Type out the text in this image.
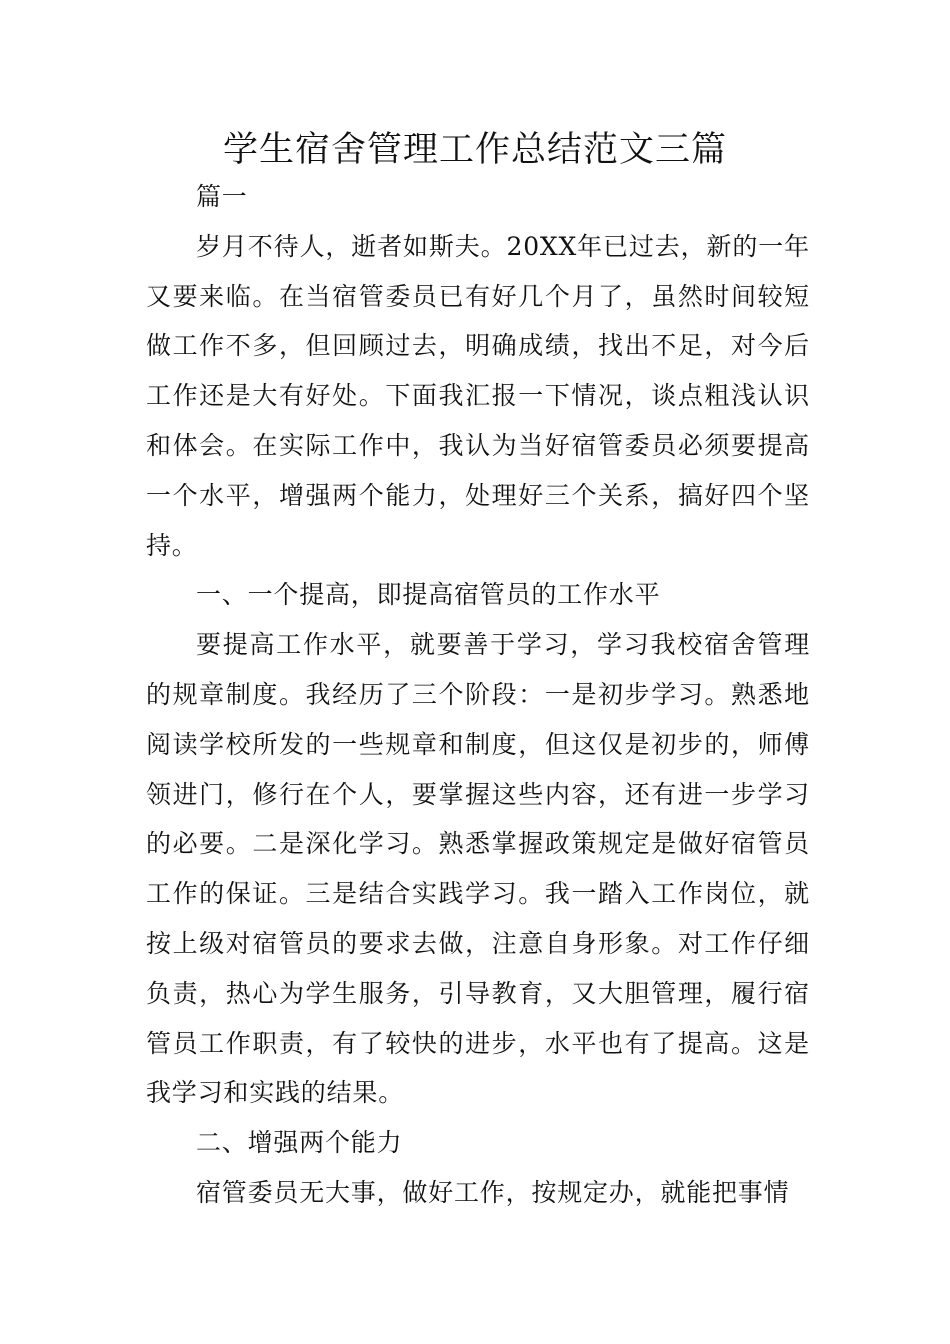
学生宿舍管理工作总结范文三篇

篇一

岁月不待人，逝者如斯夫。20XX年已过去，新的一年又要来临。在当宿管委员已有好几个月了，虽然时间较短做工作不多，但回顾过去，明确成绩，找出不足，对今后工作还是大有好处。下面我汇报一下情况，谈点粗浅认识和体会。在实际工作中，我认为当好宿管委员必须要提高一个水平，增强两个能力，处理好三个关系，搞好四个坚持。

一、一个提高，即提高宿管员的工作水平

要提高工作水平，就要善于学习，学习我校宿舍管理的规章制度。我经历了三个阶段：一是初步学习。熟悉地阅读学校所发的一些规章和制度，但这仅是初步的，师傅领进门，修行在个人，要掌握这些内容，还有进一步学习的必要。二是深化学习。熟悉掌握政策规定是做好宿管员工作的保证。三是结合实践学习。我一踏入工作岗位，就按上级对宿管员的要求去做，注意自身形象。对工作仔细负责，热心为学生服务，引导教育，又大胆管理，履行宿管员工作职责，有了较快的进步，水平也有了提高。这是我学习和实践的结果。

二、增强两个能力

宿管委员无大事，做好工作，按规定办，就能把事情
